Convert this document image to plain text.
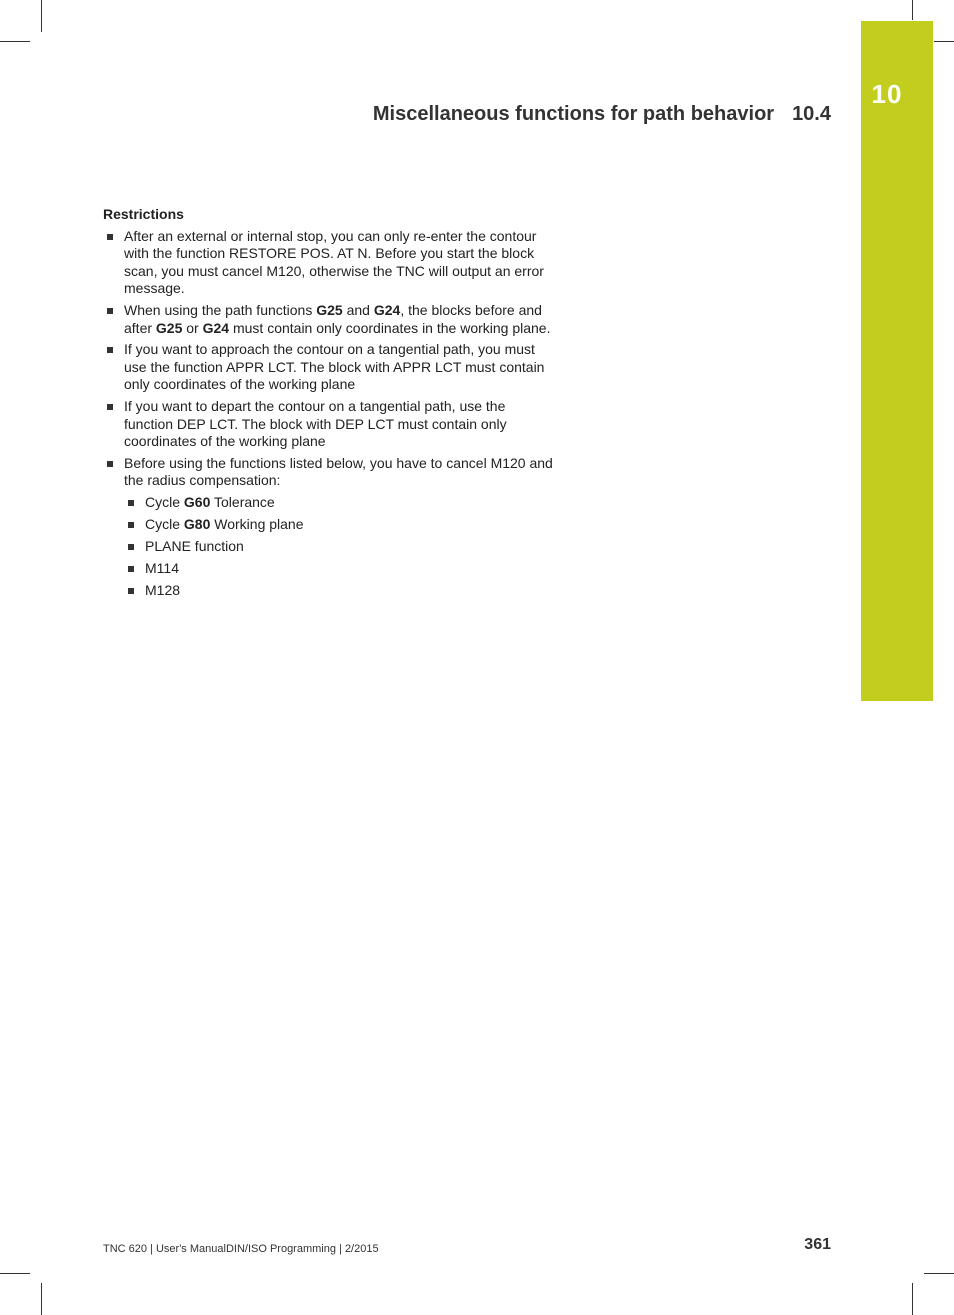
10
Miscellaneous functions for path behavior 10.4
Restrictions
After an external or internal stop, you can only re-enter the contour with the function RESTORE POS. AT N. Before you start the block scan, you must cancel M120, otherwise the TNC will output an error message.
When using the path functions G25 and G24, the blocks before and after G25 or G24 must contain only coordinates in the working plane.
If you want to approach the contour on a tangential path, you must use the function APPR LCT. The block with APPR LCT must contain only coordinates of the working plane
If you want to depart the contour on a tangential path, use the function DEP LCT. The block with DEP LCT must contain only coordinates of the working plane
Before using the functions listed below, you have to cancel M120 and the radius compensation:
Cycle G60 Tolerance
Cycle G80 Working plane
PLANE function
M114
M128
TNC 620 | User's ManualDIN/ISO Programming | 2/2015	361
